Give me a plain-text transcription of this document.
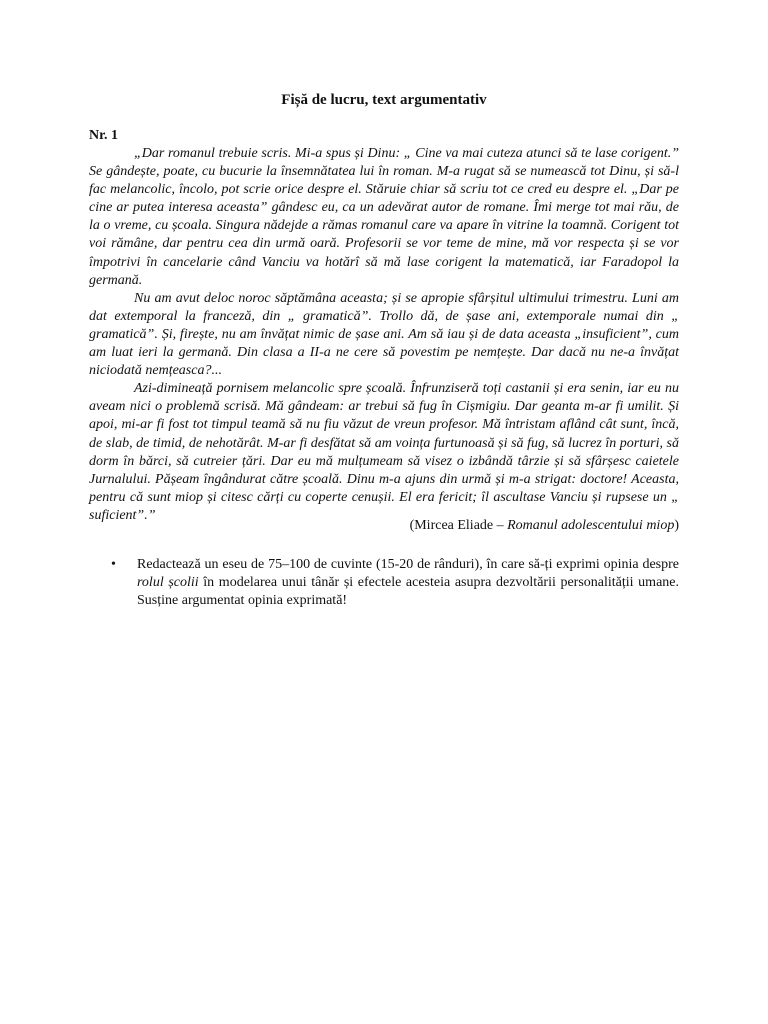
Fișă de lucru, text argumentativ
Nr. 1

„Dar romanul trebuie scris. Mi-a spus și Dinu: „ Cine va mai cuteza atunci să te lase corigent.” Se gândește, poate, cu bucurie la însemnătatea lui în roman. M-a rugat să se numească tot Dinu, și să-l fac melancolic, încolo, pot scrie orice despre el. Stăruie chiar să scriu tot ce cred eu despre el. „Dar pe cine ar putea interesa aceasta” gândesc eu, ca un adevărat autor de romane. Îmi merge tot mai rău, de la o vreme, cu școala. Singura nădejde a rămas romanul care va apare în vitrine la toamnă. Corigent tot voi rămâne, dar pentru cea din urmă oară. Profesorii se vor teme de mine, mă vor respecta și se vor împotrivi în cancelarie când Vanciu va hotărî să mă lase corigent la matematică, iar Faradopol la germană.

Nu am avut deloc noroc săptămâna aceasta; și se apropie sfârșitul ultimului trimestru. Luni am dat extemporal la franceză, din „ gramatică”. Trollo dă, de șase ani, extemporale numai din „ gramatică”. Și, firește, nu am învățat nimic de șase ani. Am să iau și de data aceasta „insuficient”, cum am luat ieri la germană. Din clasa a II-a ne cere să povestim pe nemțește. Dar dacă nu ne-a învățat niciodată nemțeasca?...

Azi-dimineață pornisem melancolic spre școală. Înfrunziseră toți castanii și era senin, iar eu nu aveam nici o problemă scrisă. Mă gândeam: ar trebui să fug în Cișmigiu. Dar geanta m-ar fi umilit. Și apoi, mi-ar fi fost tot timpul teamă să nu fiu văzut de vreun profesor. Mă întristam aflând cât sunt, încă, de slab, de timid, de nehotărât. M-ar fi desfătat să am voința furtunoasă și să fug, să lucrez în porturi, să dorm în bărci, să cutreier țări. Dar eu mă mulțumeam să visez o izbândă târzie și să sfârșesc caietele Jurnalului. Pășeam îngândurat către școală. Dinu m-a ajuns din urmă și m-a strigat: doctore! Aceasta, pentru că sunt miop și citesc cărți cu coperte cenușii. El era fericit; îl ascultase Vanciu și rupsese un „ suficient”.”

(Mircea Eliade – Romanul adolescentului miop)
•	Redactează un eseu de 75–100 de cuvinte (15-20 de rânduri), în care să-ți exprimi opinia despre rolul școlii în modelarea unui tânăr și efectele acesteia asupra dezvoltării personalității umane. Susține argumentat opinia exprimată!
